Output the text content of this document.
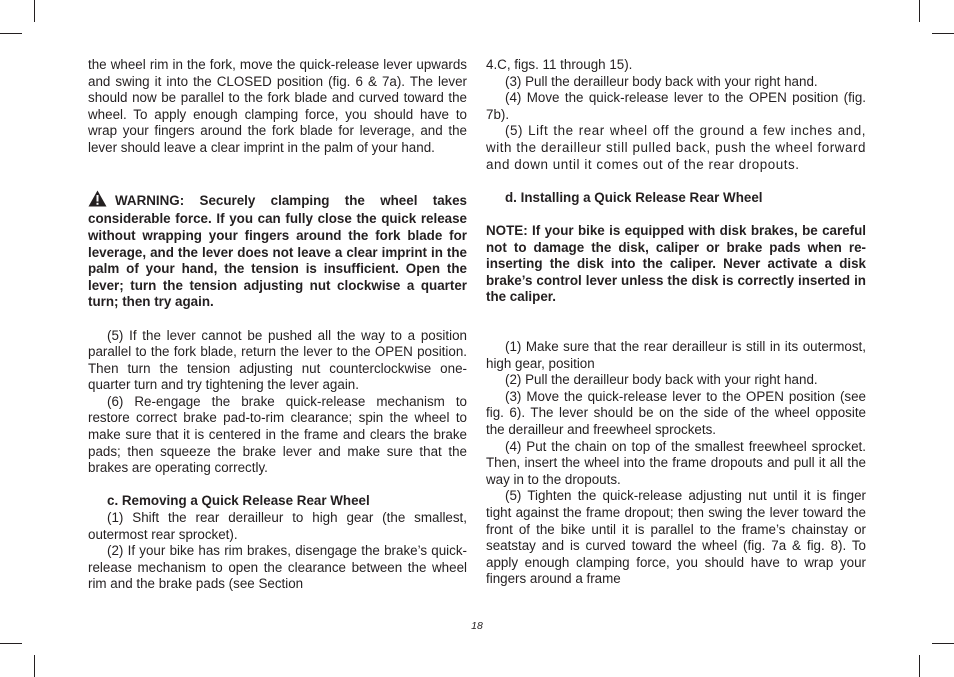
the wheel rim in the fork, move the quick-release lever upwards and swing it into the CLOSED position (fig. 6 & 7a). The lever should now be parallel to the fork blade and curved toward the wheel. To apply enough clamping force, you should have to wrap your fingers around the fork blade for leverage, and the lever should leave a clear imprint in the palm of your hand.

WARNING: Securely clamping the wheel takes considerable force. If you can fully close the quick release without wrapping your fingers around the fork blade for leverage, and the lever does not leave a clear imprint in the palm of your hand, the tension is insufficient. Open the lever; turn the tension adjusting nut clockwise a quarter turn; then try again.

(5) If the lever cannot be pushed all the way to a position parallel to the fork blade, return the lever to the OPEN position. Then turn the tension adjusting nut counterclockwise one-quarter turn and try tightening the lever again.

(6) Re-engage the brake quick-release mechanism to restore correct brake pad-to-rim clearance; spin the wheel to make sure that it is centered in the frame and clears the brake pads; then squeeze the brake lever and make sure that the brakes are operating correctly.

c. Removing a Quick Release Rear Wheel

(1) Shift the rear derailleur to high gear (the smallest, outermost rear sprocket).

(2) If your bike has rim brakes, disengage the brake’s quick-release mechanism to open the clearance between the wheel rim and the brake pads (see Section

4.C, figs. 11 through 15).

(3) Pull the derailleur body back with your right hand.

(4) Move the quick-release lever to the OPEN position (fig. 7b).

(5) Lift the rear wheel off the ground a few inches and, with the derailleur still pulled back, push the wheel forward and down until it comes out of the rear dropouts.

d. Installing a Quick Release Rear Wheel

NOTE: If your bike is equipped with disk brakes, be careful not to damage the disk, caliper or brake pads when re-inserting the disk into the caliper. Never activate a disk brake’s control lever unless the disk is correctly inserted in the caliper.

(1) Make sure that the rear derailleur is still in its outermost, high gear, position

(2) Pull the derailleur body back with your right hand.

(3) Move the quick-release lever to the OPEN position (see fig. 6). The lever should be on the side of the wheel opposite the derailleur and freewheel sprockets.

(4) Put the chain on top of the smallest freewheel sprocket. Then, insert the wheel into the frame dropouts and pull it all the way in to the dropouts.

(5) Tighten the quick-release adjusting nut until it is finger tight against the frame dropout; then swing the lever toward the front of the bike until it is parallel to the frame’s chainstay or seatstay and is curved toward the wheel (fig. 7a & fig. 8). To apply enough clamping force, you should have to wrap your fingers around a frame

18
